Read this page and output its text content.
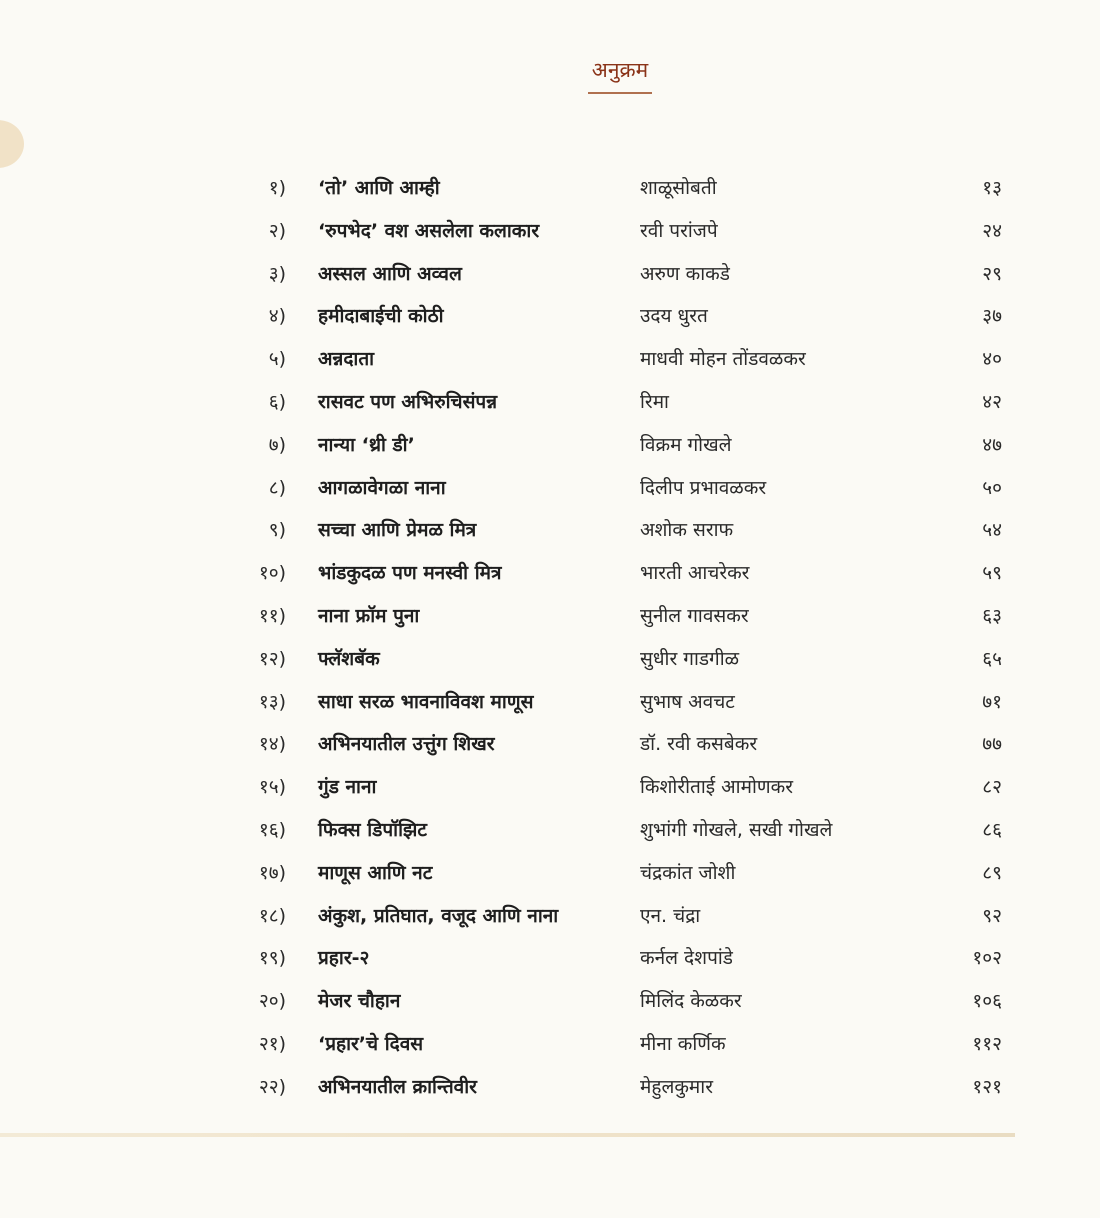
अनुक्रम
१) ‘तो’ आणि आम्ही	शाळूसोबती	१३
२) ‘रुपभेद’ वश असलेला कलाकार	रवी परांजपे	२४
३) अस्सल आणि अव्वल	अरुण काकडे	२९
४) हमीदाबाईची कोठी	उदय धुरत	३७
५) अन्नदाता	माधवी मोहन तोंडवळकर	४०
६) रासवट पण अभिरुचिसंपन्न	रिमा	४२
७) नान्या ‘थ्री डी’	विक्रम गोखले	४७
८) आगळावेगळा नाना	दिलीप प्रभावळकर	५०
९) सच्चा आणि प्रेमळ मित्र	अशोक सराफ	५४
१०) भांडकुदळ पण मनस्वी मित्र	भारती आचरेकर	५९
११) नाना फ्रॉम पुना	सुनील गावसकर	६३
१२) फ्लॅशबॅक	सुधीर गाडगीळ	६५
१३) साधा सरळ भावनाविवश माणूस	सुभाष अवचट	७१
१४) अभिनयातील उत्तुंग शिखर	डॉ. रवी कसबेकर	७७
१५) गुंड नाना	किशोरीताई आमोणकर	८२
१६) फिक्स डिपॉझिट	शुभांगी गोखले, सखी गोखले	८६
१७) माणूस आणि नट	चंद्रकांत जोशी	८९
१८) अंकुश, प्रतिघात, वजूद आणि नाना	एन. चंद्रा	९२
१९) प्रहार-२	कर्नल देशपांडे	१०२
२०) मेजर चौहान	मिलिंद केळकर	१०६
२१) ‘प्रहार’चे दिवस	मीना कर्णिक	११२
२२) अभिनयातील क्रान्तिवीर	मेहुलकुमार	१२१
